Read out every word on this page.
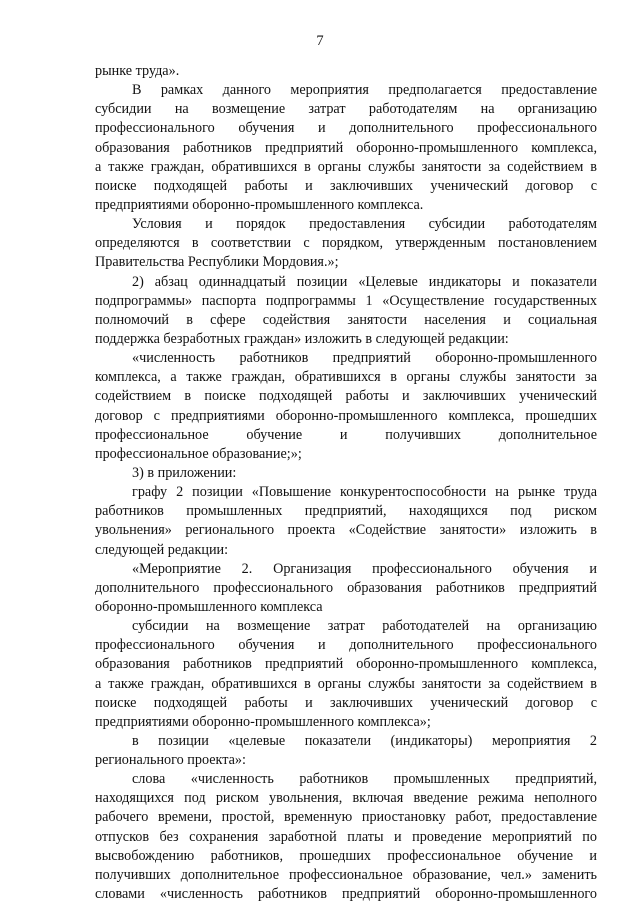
7
рынке труда».
В рамках данного мероприятия предполагается предоставление
субсидии на возмещение затрат работодателям на организацию
профессионального обучения и дополнительного профессионального
образования работников предприятий оборонно-промышленного комплекса,
а также граждан, обратившихся в органы службы занятости за содействием в
поиске подходящей работы и заключивших ученический договор с
предприятиями оборонно-промышленного комплекса.
Условия и порядок предоставления субсидии работодателям
определяются в соответствии с порядком, утвержденным постановлением
Правительства Республики Мордовия.»;
2) абзац одиннадцатый позиции «Целевые индикаторы и показатели
подпрограммы» паспорта подпрограммы 1 «Осуществление государственных
полномочий в сфере содействия занятости населения и социальная
поддержка безработных граждан» изложить в следующей редакции:
«численность работников предприятий оборонно-промышленного
комплекса, а также граждан, обратившихся в органы службы занятости за
содействием в поиске подходящей работы и заключивших ученический
договор с предприятиями оборонно-промышленного комплекса, прошедших
профессиональное обучение и получивших дополнительное
профессиональное образование;»;
3) в приложении:
графу 2 позиции «Повышение конкурентоспособности на рынке труда
работников промышленных предприятий, находящихся под риском
увольнения» регионального проекта «Содействие занятости» изложить в
следующей редакции:
«Мероприятие 2. Организация профессионального обучения и
дополнительного профессионального образования работников предприятий
оборонно-промышленного комплекса
субсидии на возмещение затрат работодателей на организацию
профессионального обучения и дополнительного профессионального
образования работников предприятий оборонно-промышленного комплекса,
а также граждан, обратившихся в органы службы занятости за содействием в
поиске подходящей работы и заключивших ученический договор с
предприятиями оборонно-промышленного комплекса»;
в позиции «целевые показатели (индикаторы) мероприятия 2
регионального проекта»:
слова «численность работников промышленных предприятий,
находящихся под риском увольнения, включая введение режима неполного
рабочего времени, простой, временную приостановку работ, предоставление
отпусков без сохранения заработной платы и проведение мероприятий по
высвобождению работников, прошедших профессиональное обучение и
получивших дополнительное профессиональное образование, чел.» заменить
словами «численность работников предприятий оборонно-промышленного
